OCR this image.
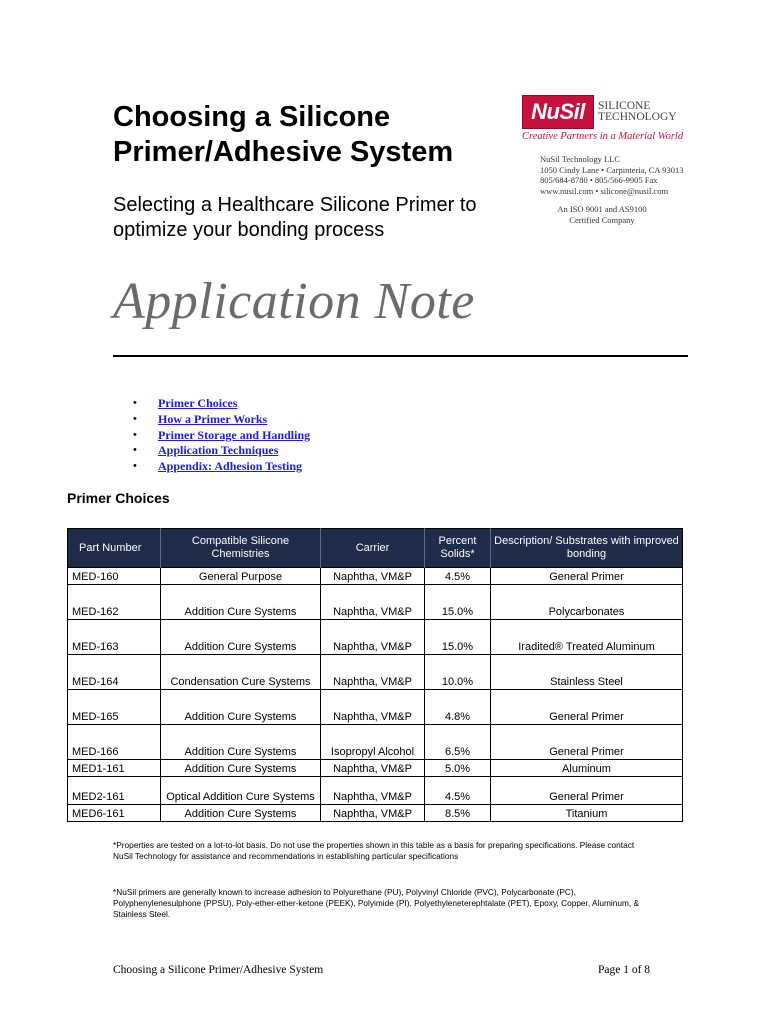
Choosing a Silicone Primer/Adhesive System

Selecting a Healthcare Silicone Primer to optimize your bonding process

Application Note

NuSil SILICONE
TECHNOLOGY
Creative Partners in a Material World
NuSil Technology LLC
1050 Cindy Lane • Carpinteria, CA 93013
805/684-8780 • 805/566-9905 Fax
www.nusil.com • silicone@nusil.com
An ISO 9001 and AS9100
Certified Company
• Primer Choices
• How a Primer Works
• Primer Storage and Handling
• Application Techniques
• Appendix: Adhesion Testing
Primer Choices
Part Number	Compatible Silicone Chemistries	Carrier	Percent Solids*	Description/ Substrates with improved bonding
MED-160	General Purpose	Naphtha, VM&P	4.5%	General Primer
MED-162	Addition Cure Systems	Naphtha, VM&P	15.0%	Polycarbonates
MED-163	Addition Cure Systems	Naphtha, VM&P	15.0%	Iradited® Treated Aluminum
MED-164	Condensation Cure Systems	Naphtha, VM&P	10.0%	Stainless Steel
MED-165	Addition Cure Systems	Naphtha, VM&P	4.8%	General Primer
MED-166	Addition Cure Systems	Isopropyl Alcohol	6.5%	General Primer
MED1-161	Addition Cure Systems	Naphtha, VM&P	5.0%	Aluminum
MED2-161	Optical Addition Cure Systems	Naphtha, VM&P	4.5%	General Primer
MED6-161	Addition Cure Systems	Naphtha, VM&P	8.5%	Titanium

*Properties are tested on a lot-to-lot basis. Do not use the properties shown in this table as a basis for preparing specifications. Please contact NuSil Technology for assistance and recommendations in establishing particular specifications

*NuSil primers are generally known to increase adhesion to Polyurethane (PU), Polyvinyl Chloride (PVC), Polycarbonate (PC), Polyphenylenesulphone (PPSU), Poly-ether-ether-ketone (PEEK), Polyimide (PI), Polyethyleneterephtalate (PET), Epoxy, Copper, Aluminum, & Stainless Steel.

Choosing a Silicone Primer/Adhesive System	Page 1 of 8
